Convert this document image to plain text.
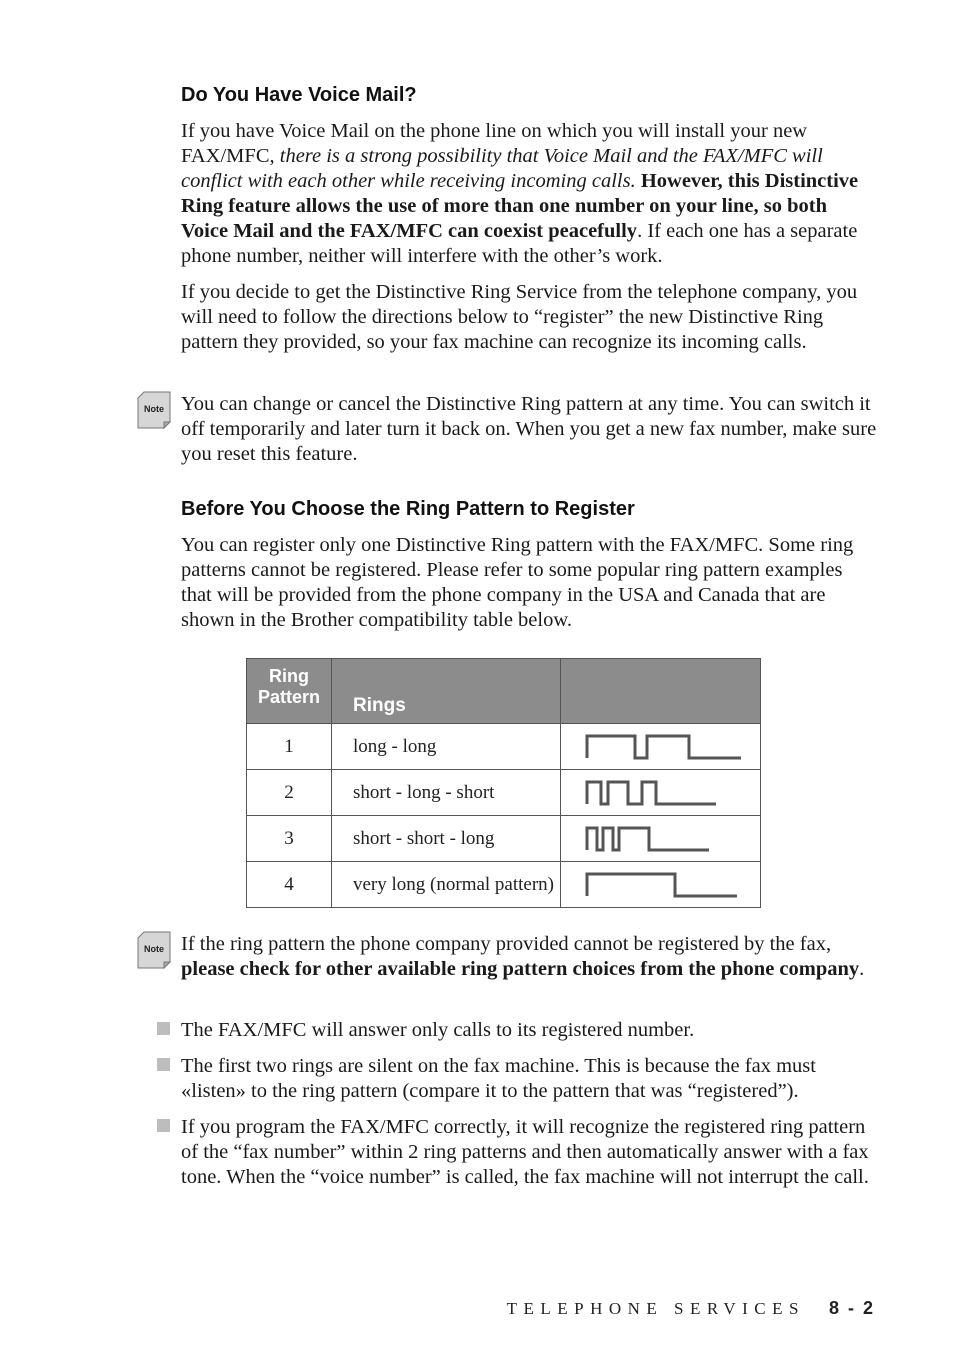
Do You Have Voice Mail?

If you have Voice Mail on the phone line on which you will install your new FAX/MFC, there is a strong possibility that Voice Mail and the FAX/MFC will conflict with each other while receiving incoming calls. However, this Distinctive Ring feature allows the use of more than one number on your line, so both Voice Mail and the FAX/MFC can coexist peacefully. If each one has a separate phone number, neither will interfere with the other’s work.

If you decide to get the Distinctive Ring Service from the telephone company, you will need to follow the directions below to “register” the new Distinctive Ring pattern they provided, so your fax machine can recognize its incoming calls.

Note You can change or cancel the Distinctive Ring pattern at any time. You can switch it off temporarily and later turn it back on. When you get a new fax number, make sure you reset this feature.

Before You Choose the Ring Pattern to Register

You can register only one Distinctive Ring pattern with the FAX/MFC. Some ring patterns cannot be registered. Please refer to some popular ring pattern examples that will be provided from the phone company in the USA and Canada that are shown in the Brother compatibility table below.

Ring
Pattern	Rings	
1	long - long	

2	short - long - short	

3	short - short - long	

4	very long (normal pattern)	
Note If the ring pattern the phone company provided cannot be registered by the fax, please check for other available ring pattern choices from the phone company.

The FAX/MFC will answer only calls to its registered number.

The first two rings are silent on the fax machine. This is because the fax must «listen» to the ring pattern (compare it to the pattern that was “registered”).

If you program the FAX/MFC correctly, it will recognize the registered ring pattern of the “fax number” within 2 ring patterns and then automatically answer with a fax tone. When the “voice number” is called, the fax machine will not interrupt the call.

TELEPHONE SERVICES 8 - 2
